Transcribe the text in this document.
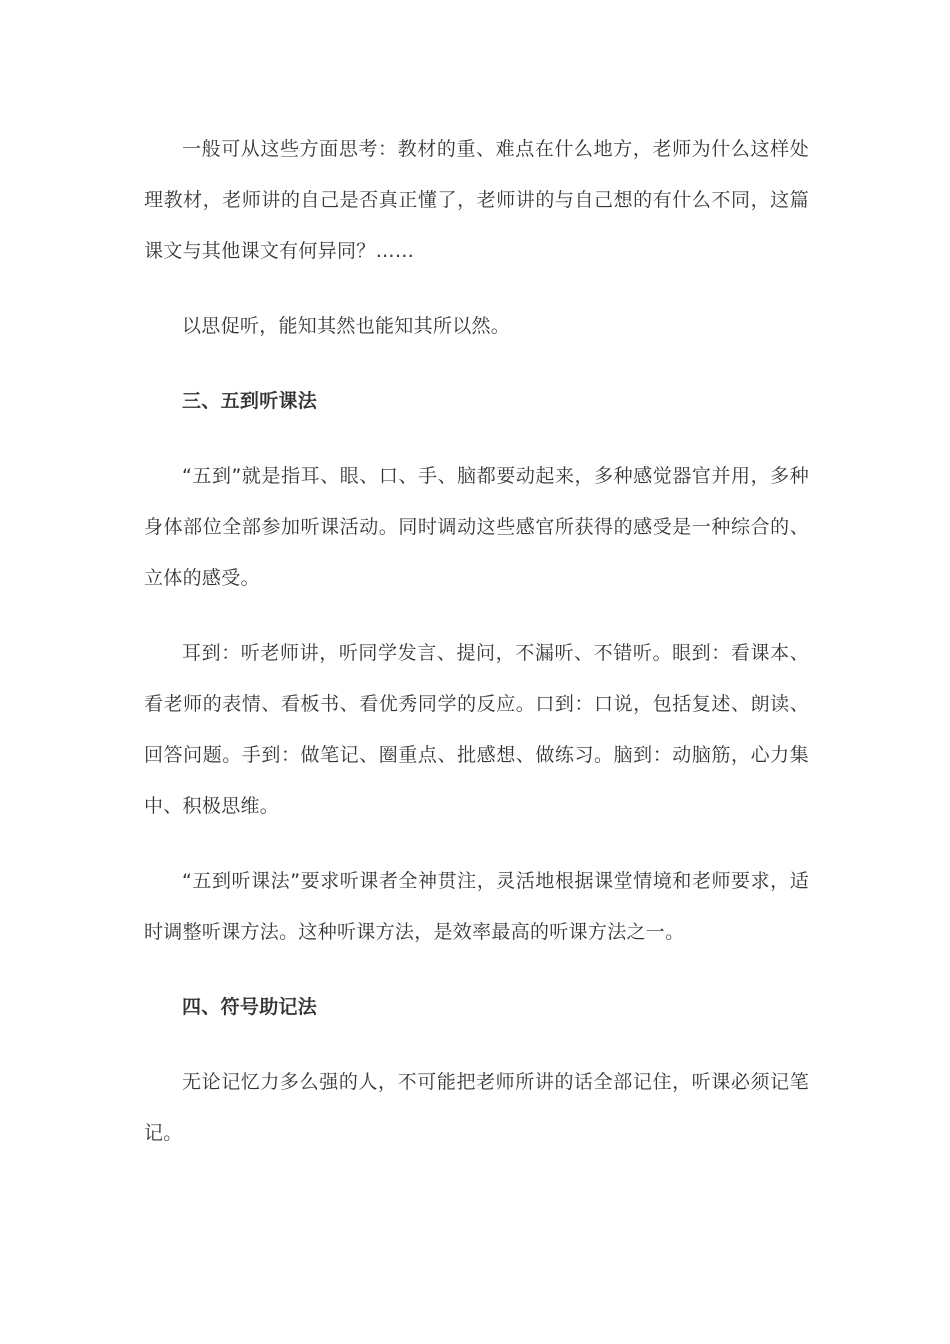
一般可从这些方面思考：教材的重、难点在什么地方，老师为什么这样处理教材，老师讲的自己是否真正懂了，老师讲的与自己想的有什么不同，这篇课文与其他课文有何异同？……

以思促听，能知其然也能知其所以然。

三、五到听课法

“五到”就是指耳、眼、口、手、脑都要动起来，多种感觉器官并用，多种身体部位全部参加听课活动。同时调动这些感官所获得的感受是一种综合的、立体的感受。

耳到：听老师讲，听同学发言、提问，不漏听、不错听。眼到：看课本、看老师的表情、看板书、看优秀同学的反应。口到：口说，包括复述、朗读、回答问题。手到：做笔记、圈重点、批感想、做练习。脑到：动脑筋，心力集中、积极思维。

“五到听课法”要求听课者全神贯注，灵活地根据课堂情境和老师要求，适时调整听课方法。这种听课方法，是效率最高的听课方法之一。

四、符号助记法

无论记忆力多么强的人，不可能把老师所讲的话全部记住，听课必须记笔记。
